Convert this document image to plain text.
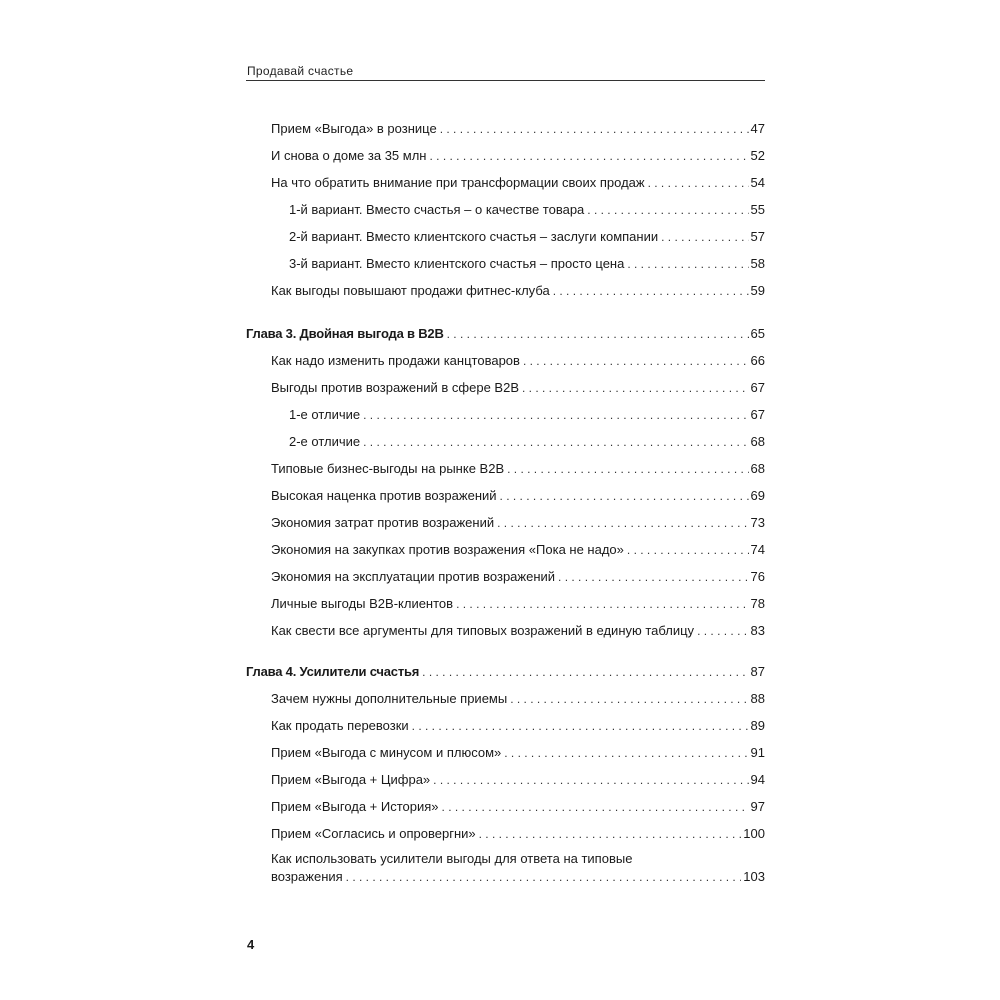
Продавай счастье
Прием «Выгода» в рознице . . .	47
И снова о доме за 35 млн . . .	52
На что обратить внимание при трансформации своих продаж . . .	54
1-й вариант. Вместо счастья – о качестве товара . . .	55
2-й вариант. Вместо клиентского счастья – заслуги компании . . .	57
3-й вариант. Вместо клиентского счастья – просто цена . . .	58
Как выгоды повышают продажи фитнес-клуба . . .	59
Глава 3. Двойная выгода в B2B . . .	65
Как надо изменить продажи канцтоваров . . .	66
Выгоды против возражений в сфере B2B . . .	67
1-е отличие . . .	67
2-е отличие . . .	68
Типовые бизнес-выгоды на рынке B2B . . .	68
Высокая наценка против возражений . . .	69
Экономия затрат против возражений . . .	73
Экономия на закупках против возражения «Пока не надо» . . .	74
Экономия на эксплуатации против возражений . . .	76
Личные выгоды B2B-клиентов . . .	78
Как свести все аргументы для типовых возражений в единую таблицу . . .	83
Глава 4. Усилители счастья . . .	87
Зачем нужны дополнительные приемы . . .	88
Как продать перевозки . . .	89
Прием «Выгода с минусом и плюсом» . . .	91
Прием «Выгода + Цифра» . . .	94
Прием «Выгода + История» . . .	97
Прием «Согласись и опровергни» . . .	100
Как использовать усилители выгоды для ответа на типовые
возражения . . .	103
4
